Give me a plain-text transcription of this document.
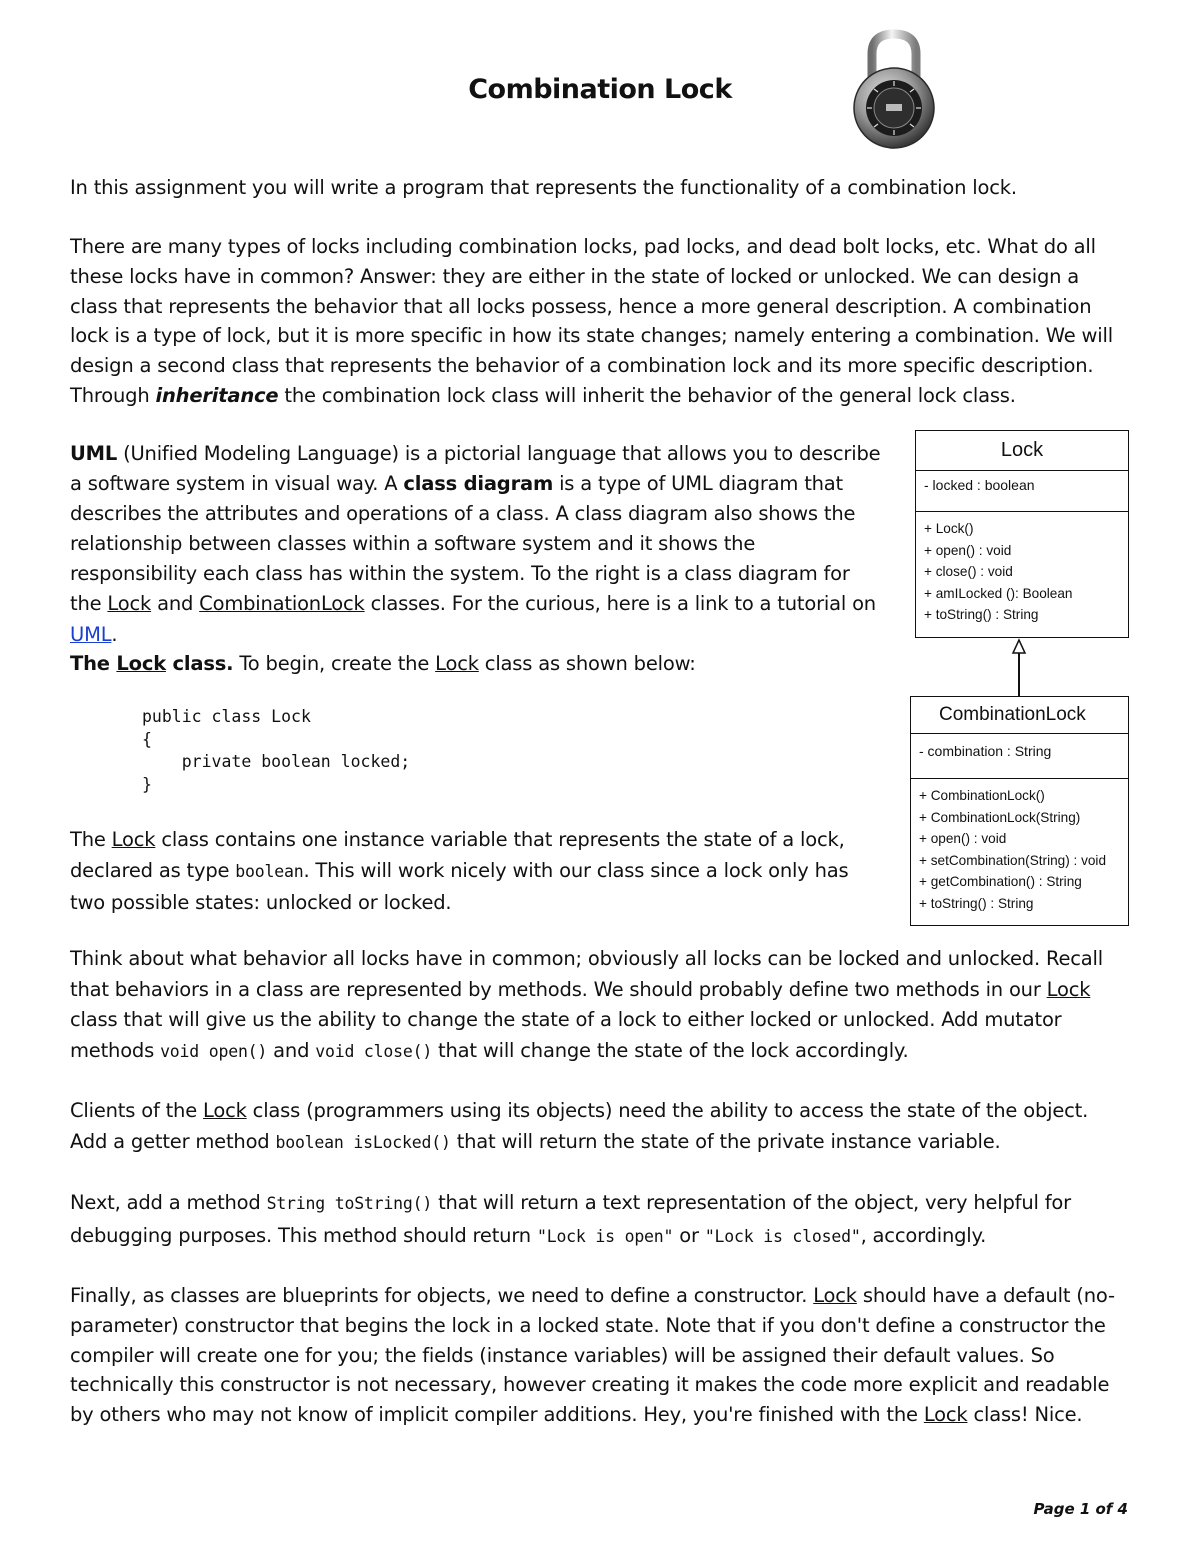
Combination Lock

In this assignment you will write a program that represents the functionality of a combination lock.

There are many types of locks including combination locks, pad locks, and dead bolt locks, etc. What do all these locks have in common? Answer: they are either in the state of locked or unlocked. We can design a class that represents the behavior that all locks possess, hence a more general description. A combination lock is a type of lock, but it is more specific in how its state changes; namely entering a combination. We will design a second class that represents the behavior of a combination lock and its more specific description. Through inheritance the combination lock class will inherit the behavior of the general lock class.

UML (Unified Modeling Language) is a pictorial language that allows you to describe a software system in visual way. A class diagram is a type of UML diagram that describes the attributes and operations of a class. A class diagram also shows the relationship between classes within a software system and it shows the responsibility each class has within the system. To the right is a class diagram for the Lock and CombinationLock classes. For the curious, here is a link to a tutorial on UML.

The Lock class. To begin, create the Lock class as shown below:

public class Lock
{
private boolean locked;
}

The Lock class contains one instance variable that represents the state of a lock, declared as type boolean. This will work nicely with our class since a lock only has two possible states: unlocked or locked.

Think about what behavior all locks have in common; obviously all locks can be locked and unlocked. Recall that behaviors in a class are represented by methods. We should probably define two methods in our Lock class that will give us the ability to change the state of a lock to either locked or unlocked. Add mutator methods void open() and void close() that will change the state of the lock accordingly.

Clients of the Lock class (programmers using its objects) need the ability to access the state of the object. Add a getter method boolean isLocked() that will return the state of the private instance variable.

Next, add a method String toString() that will return a text representation of the object, very helpful for debugging purposes. This method should return "Lock is open" or "Lock is closed", accordingly.

Finally, as classes are blueprints for objects, we need to define a constructor. Lock should have a default (no-parameter) constructor that begins the lock in a locked state. Note that if you don't define a constructor the compiler will create one for you; the fields (instance variables) will be assigned their default values. So technically this constructor is not necessary, however creating it makes the code more explicit and readable by others who may not know of implicit compiler additions. Hey, you're finished with the Lock class! Nice.

Lock
- locked : boolean
+ Lock()
+ open() : void
+ close() : void
+ amILocked (): Boolean
+ toString() : String
CombinationLock
- combination : String
+ CombinationLock()
+ CombinationLock(String)
+ open() : void
+ setCombination(String) : void
+ getCombination() : String
+ toString() : String
Page 1 of 4
